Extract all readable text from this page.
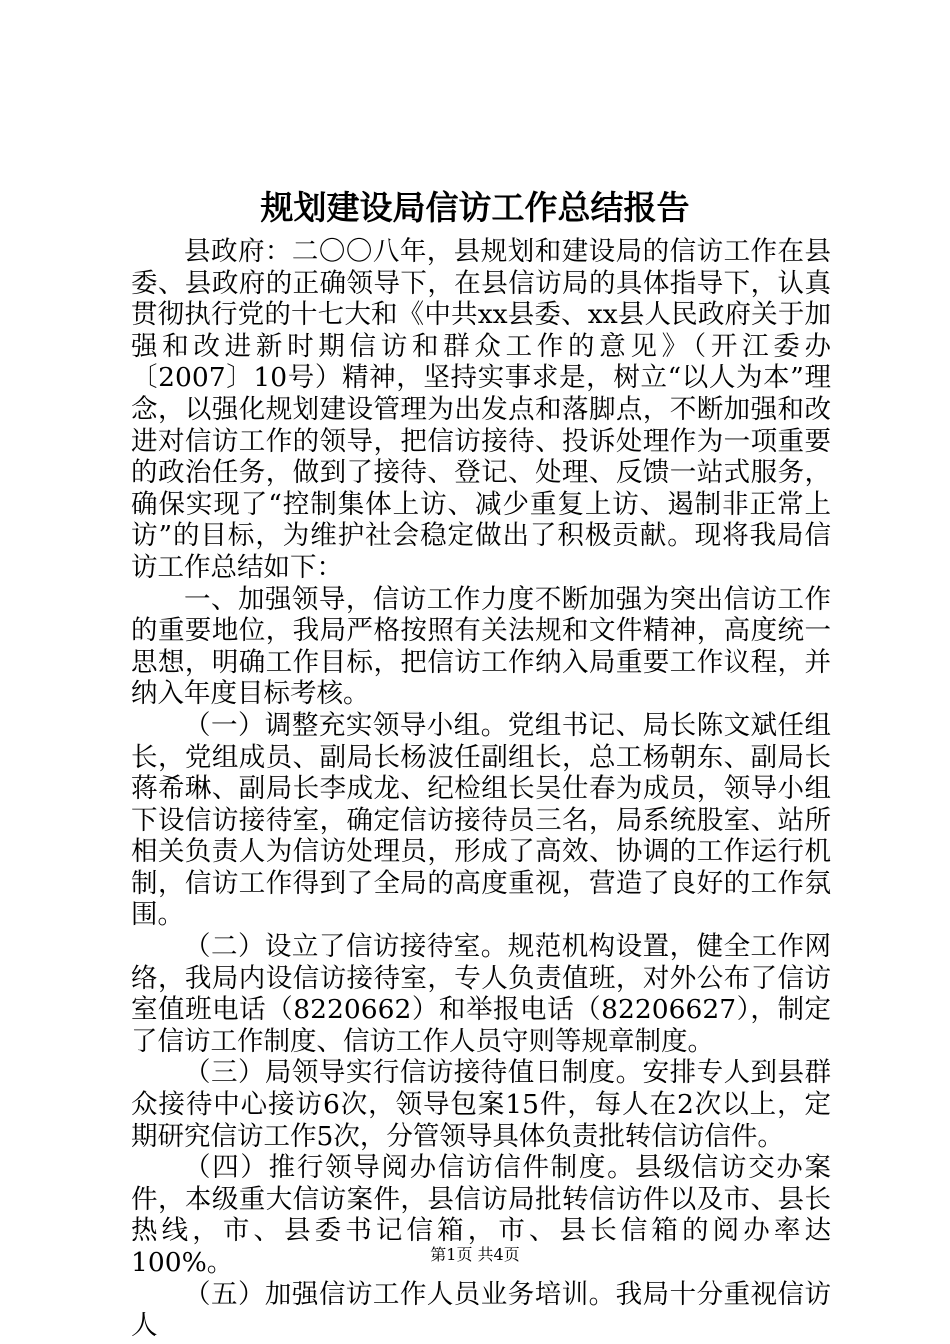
规划建设局信访工作总结报告

县政府：二〇〇八年，县规划和建设局的信访工作在县委、县政府的正确领导下，在县信访局的具体指导下，认真贯彻执行党的十七大和《中共xx县委、xx县人民政府关于加强和改进新时期信访和群众工作的意见》（开江委办〔2007〕10号）精神，坚持实事求是，树立“以人为本”理念，以强化规划建设管理为出发点和落脚点，不断加强和改进对信访工作的领导，把信访接待、投诉处理作为一项重要的政治任务，做到了接待、登记、处理、反馈一站式服务，确保实现了“控制集体上访、减少重复上访、遏制非正常上访”的目标，为维护社会稳定做出了积极贡献。现将我局信访工作总结如下：

一、加强领导，信访工作力度不断加强为突出信访工作的重要地位，我局严格按照有关法规和文件精神，高度统一思想，明确工作目标，把信访工作纳入局重要工作议程，并纳入年度目标考核。

（一）调整充实领导小组。党组书记、局长陈文斌任组长，党组成员、副局长杨波任副组长，总工杨朝东、副局长蒋希琳、副局长李成龙、纪检组长吴仕春为成员，领导小组下设信访接待室，确定信访接待员三名，局系统股室、站所相关负责人为信访处理员，形成了高效、协调的工作运行机制，信访工作得到了全局的高度重视，营造了良好的工作氛围。

（二）设立了信访接待室。规范机构设置，健全工作网络，我局内设信访接待室，专人负责值班，对外公布了信访室值班电话（8220662）和举报电话（82206627），制定了信访工作制度、信访工作人员守则等规章制度。

（三）局领导实行信访接待值日制度。安排专人到县群众接待中心接访6次，领导包案15件，每人在2次以上，定期研究信访工作5次，分管领导具体负责批转信访信件。

（四）推行领导阅办信访信件制度。县级信访交办案件，本级重大信访案件，县信访局批转信访件以及市、县长热线，市、县委书记信箱，市、县长信箱的阅办率达100%。

（五）加强信访工作人员业务培训。我局十分重视信访人

第1页 共4页
